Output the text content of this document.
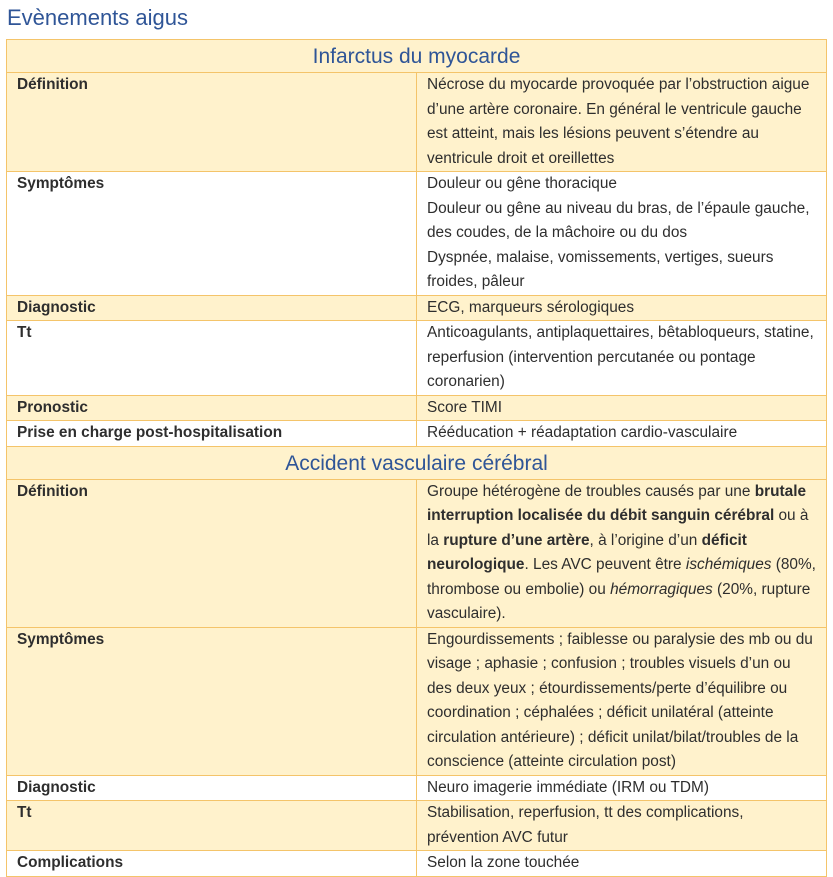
Evènements aigus
Infarctus du myocarde	
Définition	Nécrose du myocarde provoquée par l’obstruction aigue d’une artère coronaire. En général le ventricule gauche est atteint, mais les lésions peuvent s’étendre au ventricule droit et oreillettes
Symptômes	Douleur ou gêne thoracique
Douleur ou gêne au niveau du bras, de l’épaule gauche, des coudes, de la mâchoire ou du dos
Dyspnée, malaise, vomissements, vertiges, sueurs froides, pâleur

Diagnostic	ECG, marqueurs sérologiques
Tt	Anticoagulants, antiplaquettaires, bêtabloqueurs, statine, reperfusion (intervention percutanée ou pontage coronarien)
Pronostic	Score TIMI
Prise en charge post-hospitalisation	Rééducation + réadaptation cardio-vasculaire
Accident vasculaire cérébral	
Définition	Groupe hétérogène de troubles causés par une brutale interruption localisée du débit sanguin cérébral ou à la rupture d’une artère, à l’origine d’un déficit neurologique. Les AVC peuvent être ischémiques (80%, thrombose ou embolie) ou hémorragiques (20%, rupture vasculaire).
Symptômes	Engourdissements ; faiblesse ou paralysie des mb ou du visage ; aphasie ; confusion ; troubles visuels d’un ou des deux yeux ; étourdissements/perte d’équilibre ou coordination ; céphalées ; déficit unilatéral (atteinte circulation antérieure) ; déficit unilat/bilat/troubles de la conscience (atteinte circulation post)
Diagnostic	Neuro imagerie immédiate (IRM ou TDM)
Tt	Stabilisation, reperfusion, tt des complications, prévention AVC futur
Complications	Selon la zone touchée
